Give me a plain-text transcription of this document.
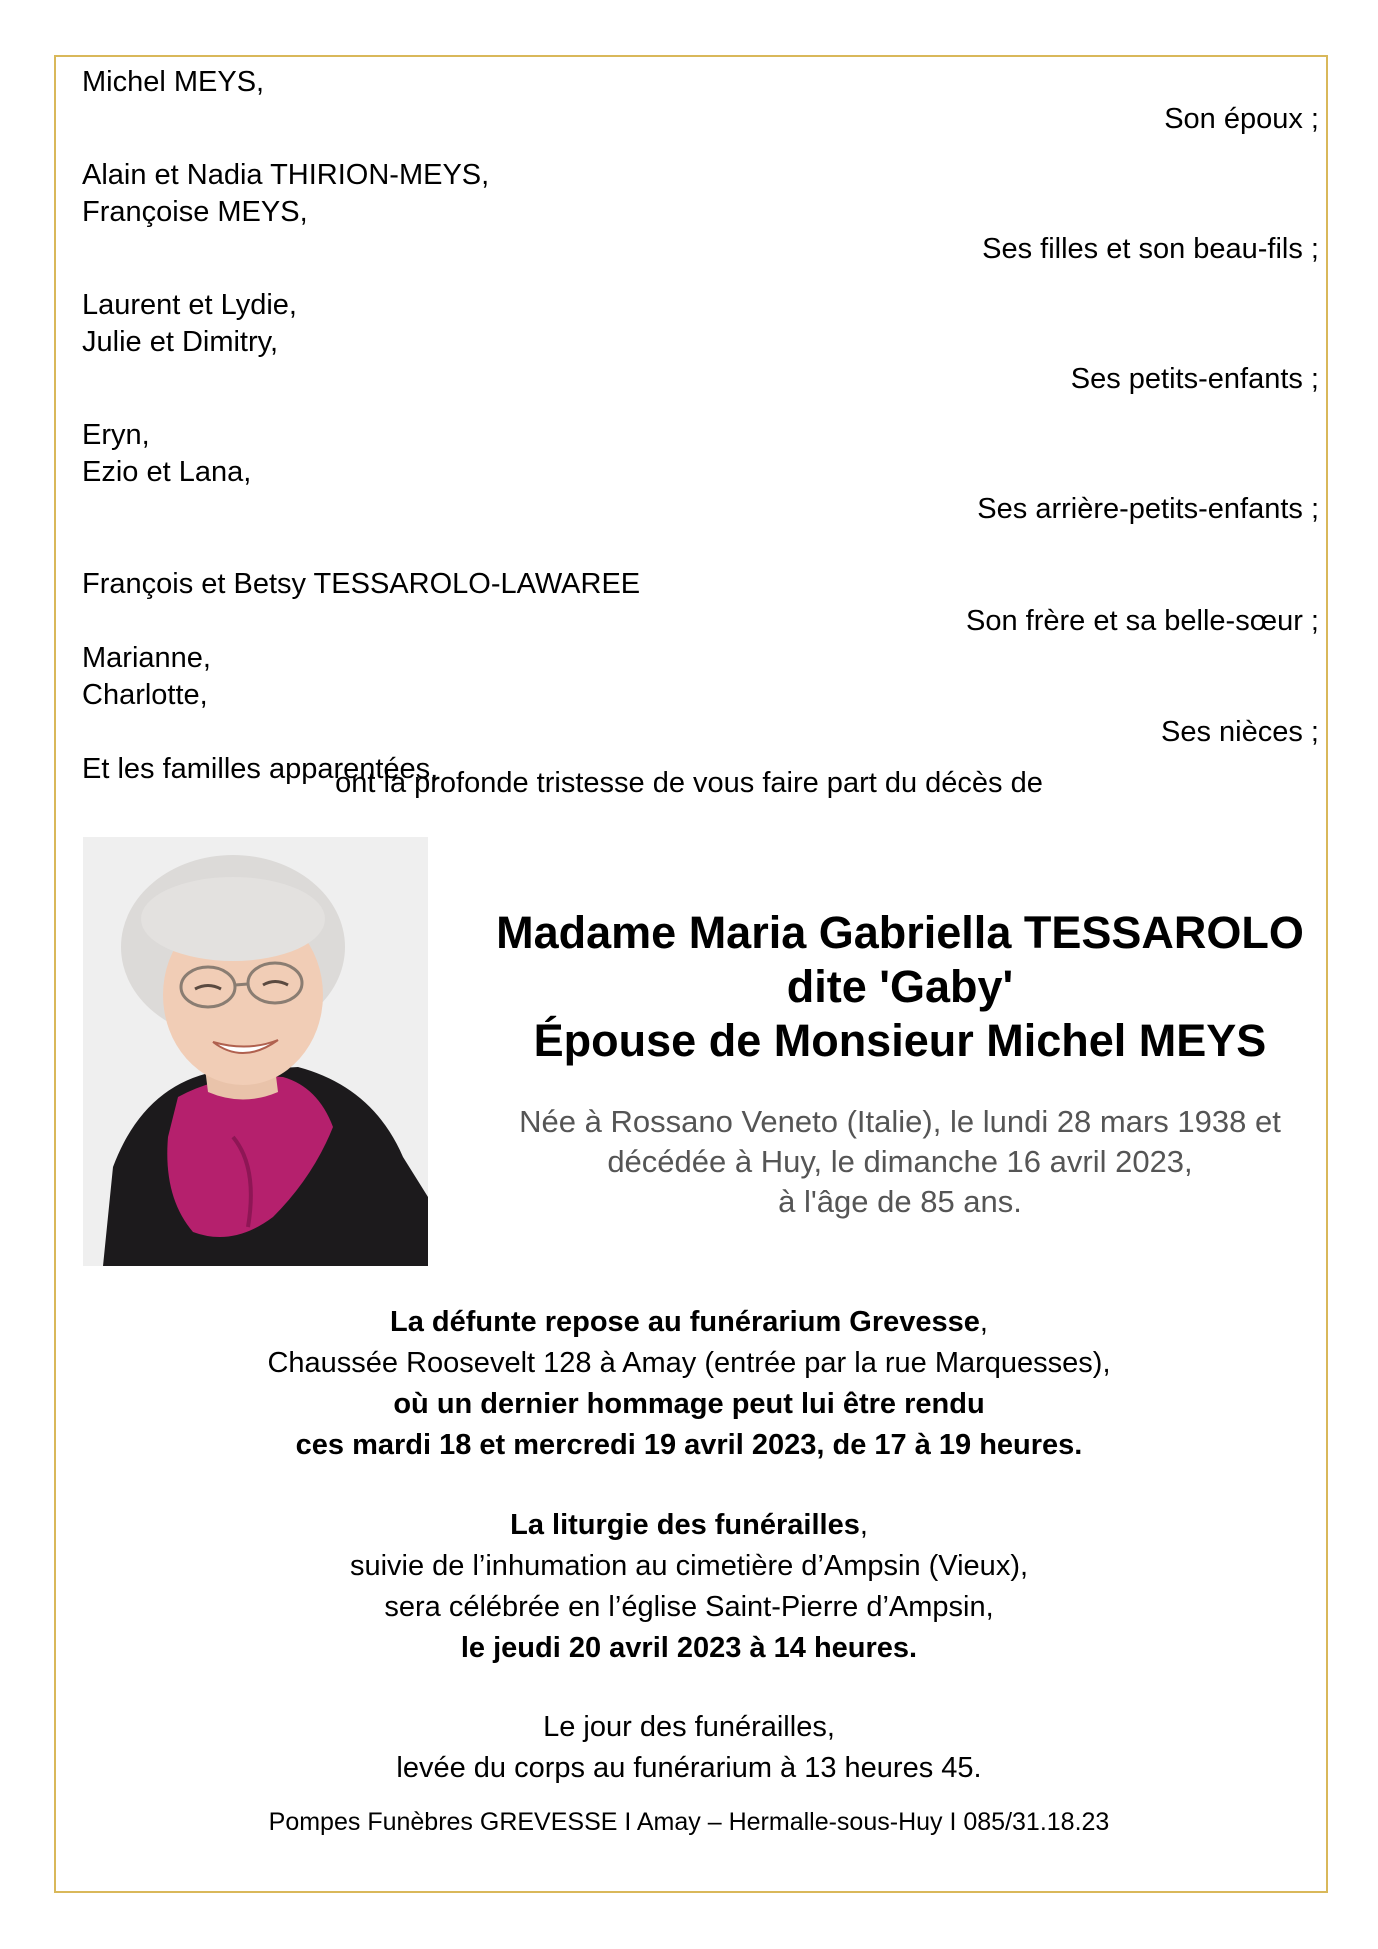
Michel MEYS,
Son époux ;
Alain et Nadia THIRION-MEYS,
Françoise MEYS,
Ses filles et son beau-fils ;
Laurent et Lydie,
Julie et Dimitry,
Ses petits-enfants ;
Eryn,
Ezio et Lana,
Ses arrière-petits-enfants ;
François et Betsy TESSAROLO-LAWAREE
Son frère et sa belle-sœur ;
Marianne,
Charlotte,
Ses nièces ;
Et les familles apparentées,
ont la profonde tristesse de vous faire part du décès de
Madame Maria Gabriella TESSAROLO
dite 'Gaby'
Épouse de Monsieur Michel MEYS
Née à Rossano Veneto (Italie), le lundi 28 mars 1938 et
décédée à Huy, le dimanche 16 avril 2023,
à l'âge de 85 ans.
La défunte repose au funérarium Grevesse,
Chaussée Roosevelt 128 à Amay (entrée par la rue Marquesses),
où un dernier hommage peut lui être rendu
ces mardi 18 et mercredi 19 avril 2023, de 17 à 19 heures.
La liturgie des funérailles,
suivie de l’inhumation au cimetière d’Ampsin (Vieux),
sera célébrée en l’église Saint-Pierre d’Ampsin,
le jeudi 20 avril 2023 à 14 heures.
Le jour des funérailles,
levée du corps au funérarium à 13 heures 45.
Pompes Funèbres GREVESSE I Amay – Hermalle-sous-Huy I 085/31.18.23
